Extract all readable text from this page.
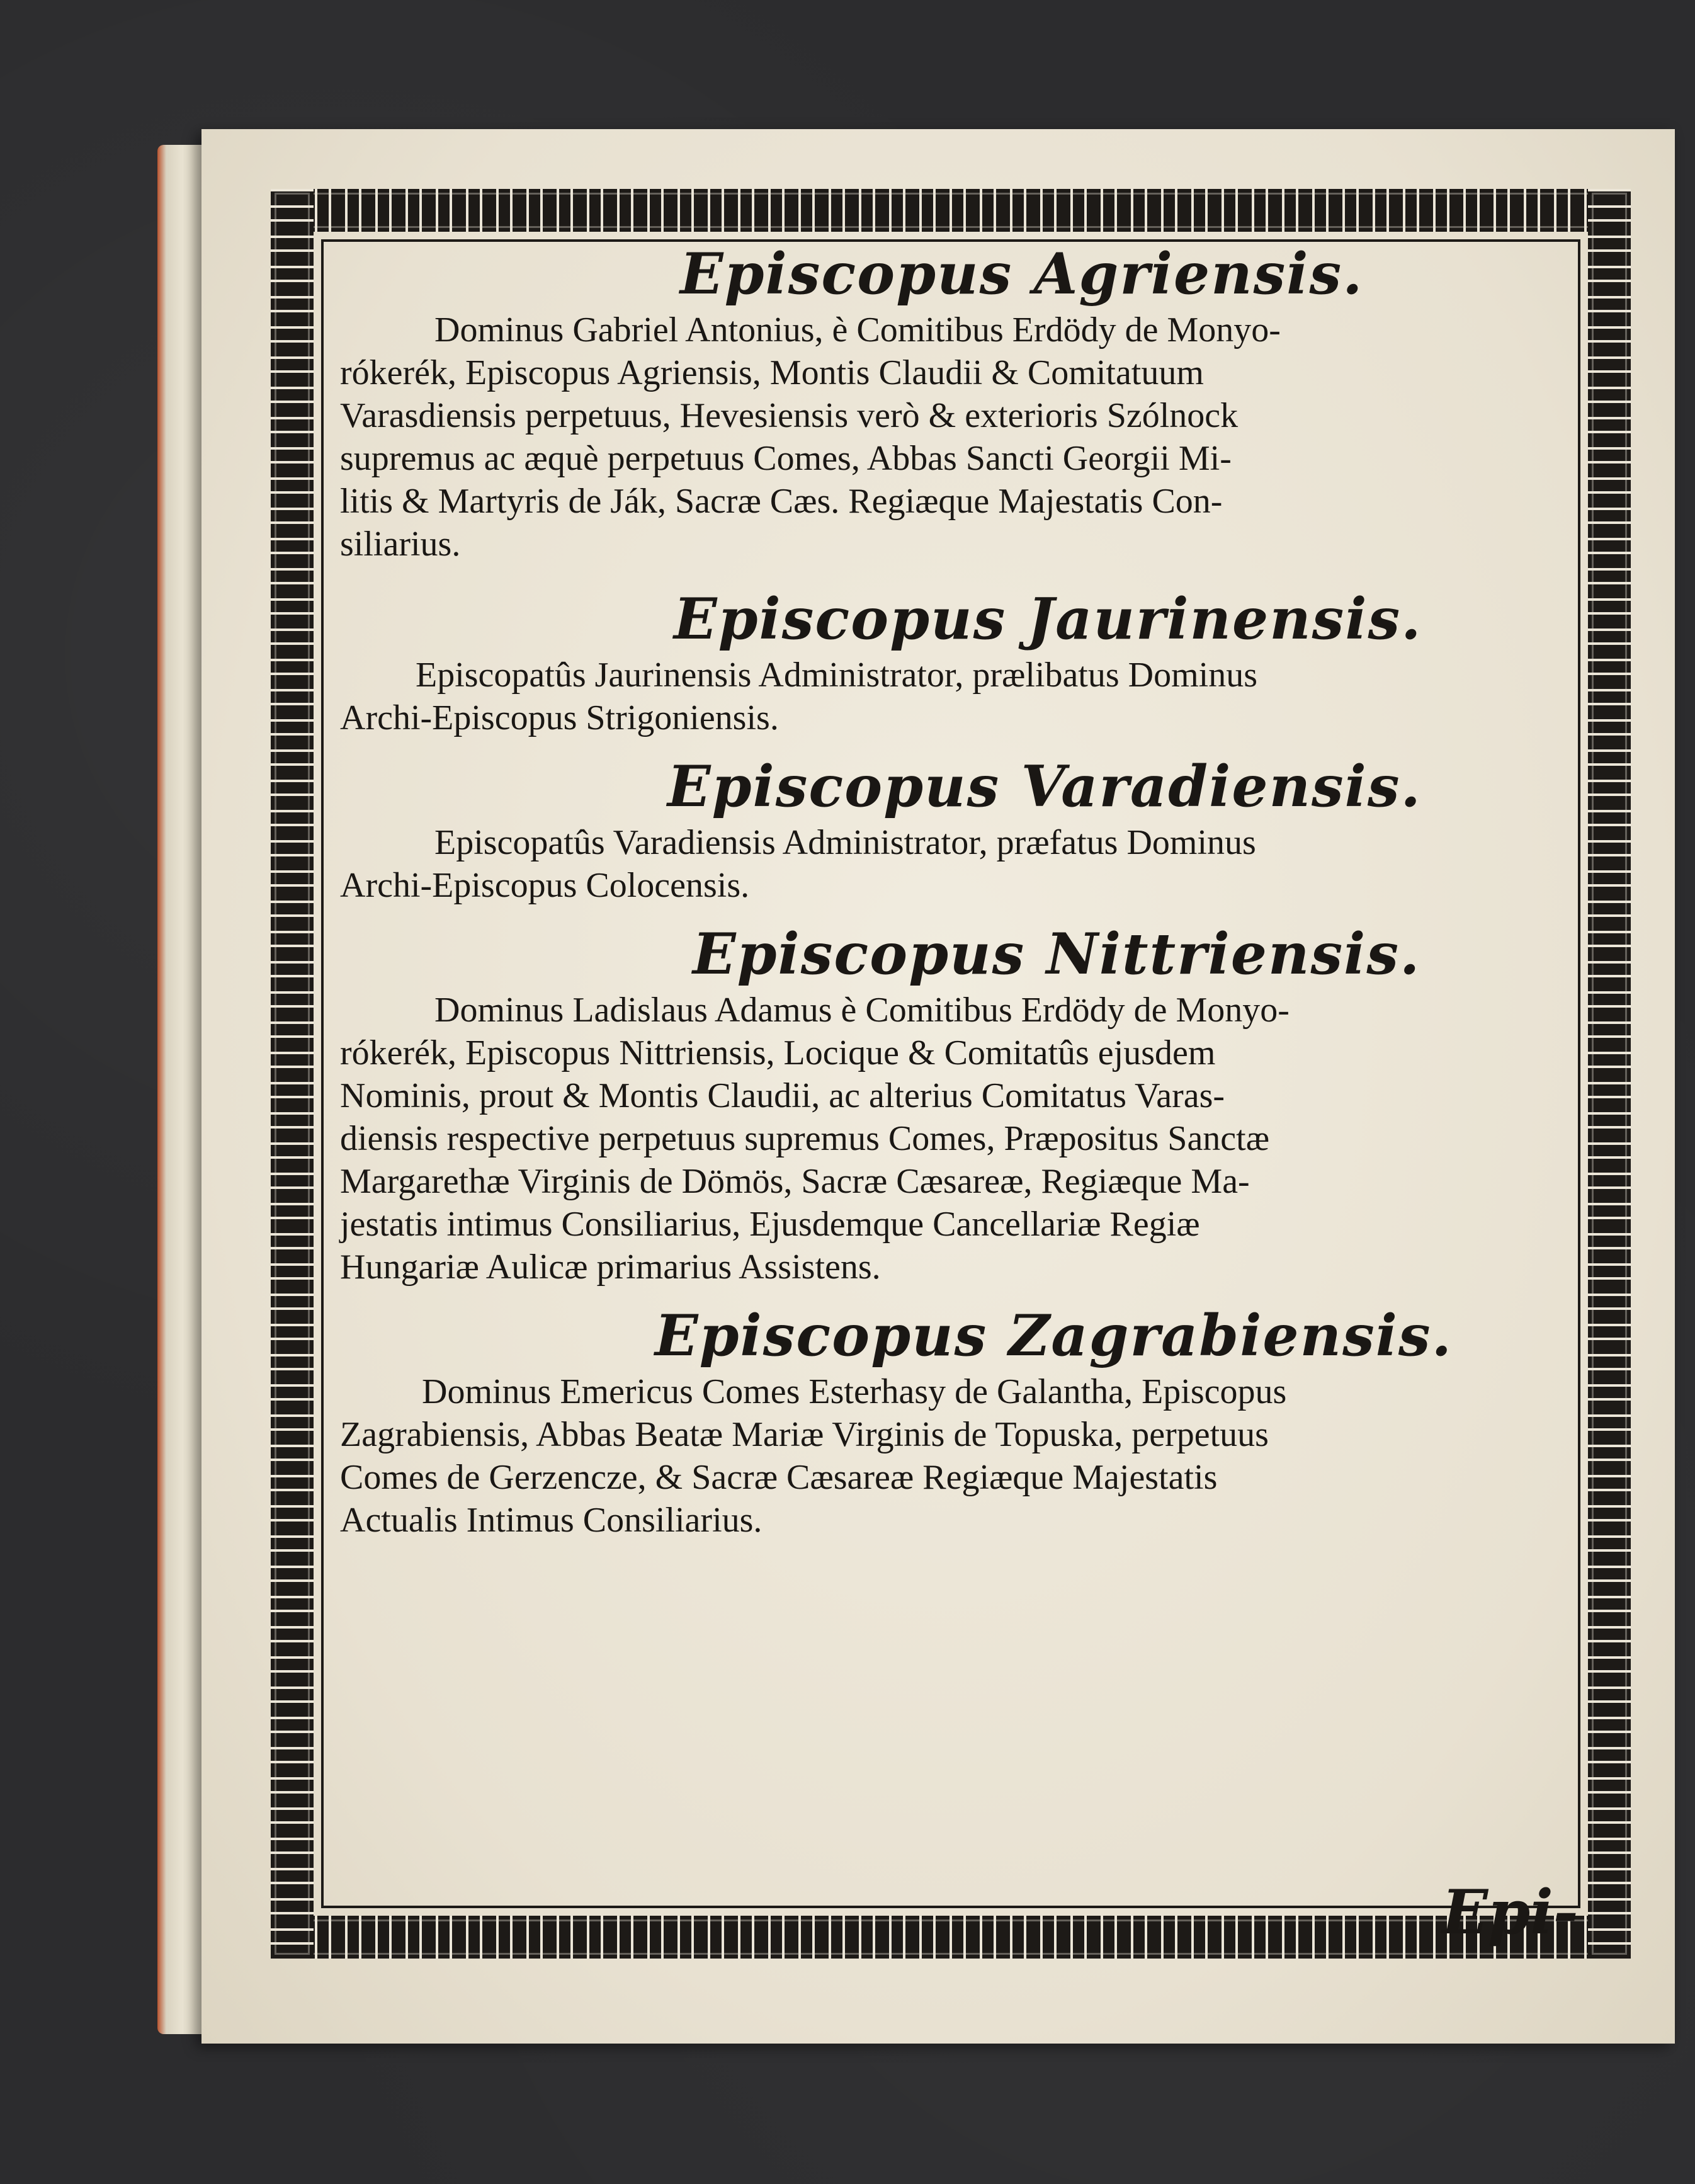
Episcopus Agriensis.

Dominus Gabriel Antonius, è Comitibus Erdödy de Monyo-
rókerék, Episcopus Agriensis, Montis Claudii & Comitatuum
Varasdiensis perpetuus, Hevesiensis verò & exterioris Szólnock
supremus ac æquè perpetuus Comes, Abbas Sancti Georgii Mi-
litis & Martyris de Ják, Sacræ Cæs. Regiæque Majestatis Con-
siliarius.

Episcopus Jaurinensis.

Episcopatûs Jaurinensis Administrator, prælibatus Dominus
Archi-Episcopus Strigoniensis.

Episcopus Varadiensis.

Episcopatûs Varadiensis Administrator, præfatus Dominus
Archi-Episcopus Colocensis.

Episcopus Nittriensis.

Dominus Ladislaus Adamus è Comitibus Erdödy de Monyo-
rókerék, Episcopus Nittriensis, Locique & Comitatûs ejusdem
Nominis, prout & Montis Claudii, ac alterius Comitatus Varas-
diensis respective perpetuus supremus Comes, Præpositus Sanctæ
Margarethæ Virginis de Dömös, Sacræ Cæsareæ, Regiæque Ma-
jestatis intimus Consiliarius, Ejusdemque Cancellariæ Regiæ
Hungariæ Aulicæ primarius Assistens.

Episcopus Zagrabiensis.

Dominus Emericus Comes Esterhasy de Galantha, Episcopus
Zagrabiensis, Abbas Beatæ Mariæ Virginis de Topuska, perpetuus
Comes de Gerzencze, & Sacræ Cæsareæ Regiæque Majestatis
Actualis Intimus Consiliarius.

Epi-
